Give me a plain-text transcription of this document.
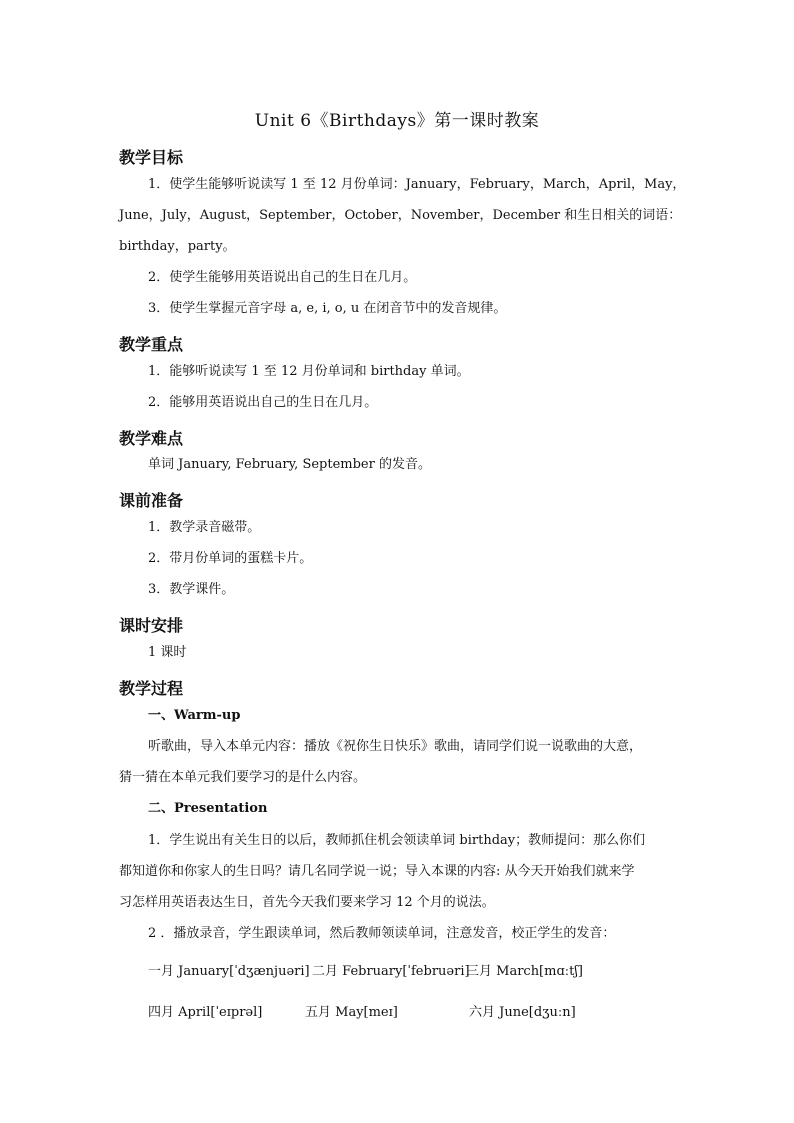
Unit 6《Birthdays》第一课时教案
教学目标
1．使学生能够听说读写 1 至 12 月份单词：January，February，March，April，May，
June，July，August，September，October，November，December 和生日相关的词语：
birthday，party。
2．使学生能够用英语说出自己的生日在几月。
3．使学生掌握元音字母 a, e, i, o, u 在闭音节中的发音规律。
教学重点
1．能够听说读写 1 至 12 月份单词和 birthday 单词。
2．能够用英语说出自己的生日在几月。
教学难点
单词 January, February, September 的发音。
课前准备
1．教学录音磁带。
2．带月份单词的蛋糕卡片。
3．教学课件。
课时安排
1 课时
教学过程
一、Warm-up
听歌曲，导入本单元内容：播放《祝你生日快乐》歌曲，请同学们说一说歌曲的大意，
猜一猜在本单元我们要学习的是什么内容。
二、Presentation
1．学生说出有关生日的以后，教师抓住机会领读单词 birthday；教师提问：那么你们
都知道你和你家人的生日吗？请几名同学说一说；导入本课的内容: 从今天开始我们就来学
习怎样用英语表达生日，首先今天我们要来学习 12 个月的说法。
2 ．播放录音，学生跟读单词，然后教师领读单词，注意发音，校正学生的发音：
一月 January[ˈdʒænjuəri] 二月 February[ˈfebruəri]
三月 March[mɑːtʃ]
四月 April[ˈeɪprəl]	五月 May[meɪ]	六月 June[dʒuːn]
